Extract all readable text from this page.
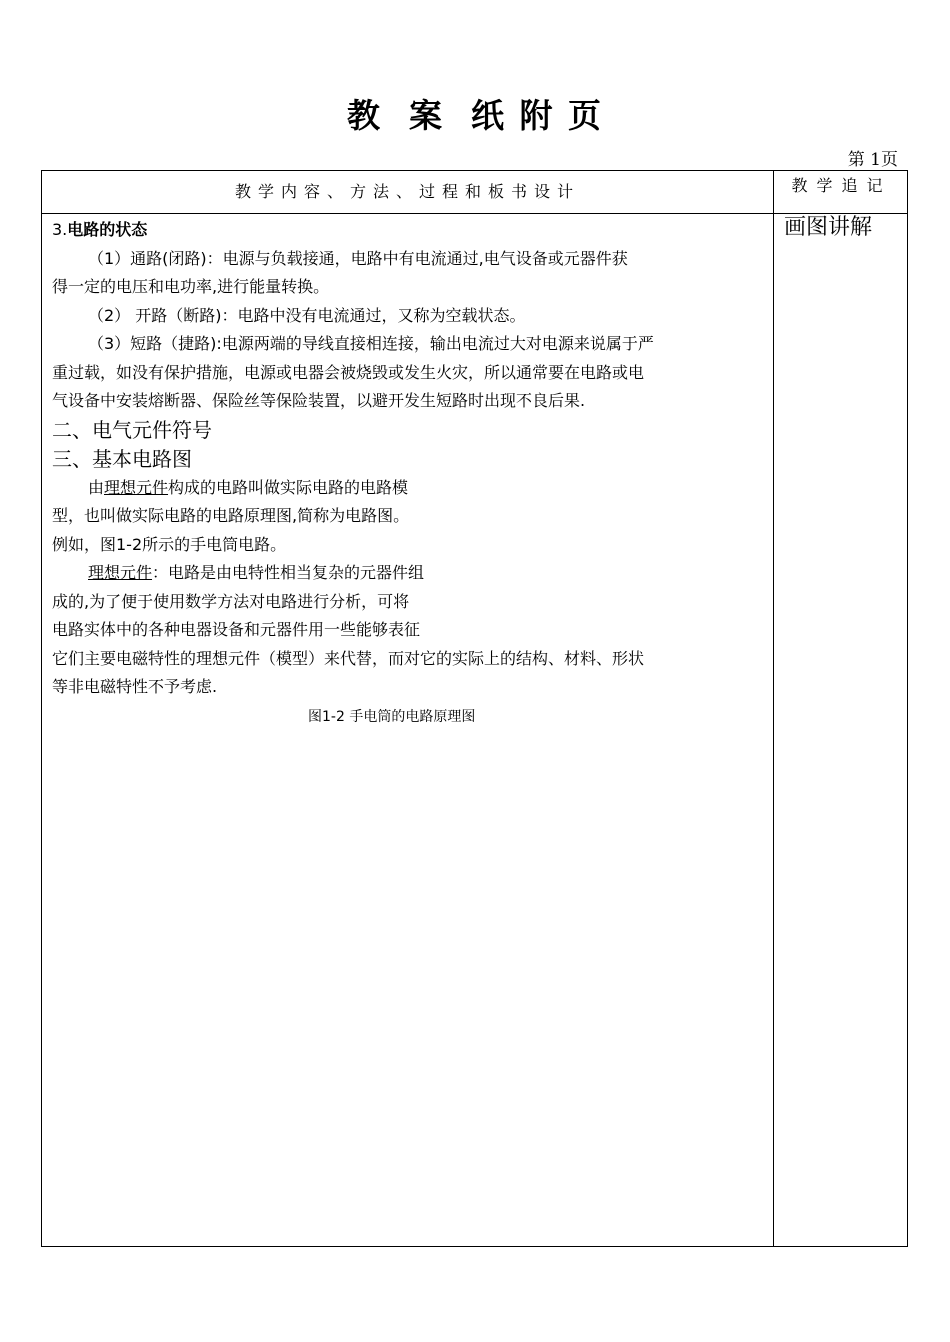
教  案  纸 附 页
第 1页
教学内容、方法、过程和板书设计	教学追记

3.电路的状态

（1）通路(闭路)：电源与负载接通，电路中有电流通过,电气设备或元器件获

得一定的电压和电功率,进行能量转换。

（2） 开路（断路)：电路中没有电流通过，又称为空载状态。

（3）短路（捷路):电源两端的导线直接相连接，输出电流过大对电源来说属于严

重过载，如没有保护措施，电源或电器会被烧毁或发生火灾，所以通常要在电路或电

气设备中安装熔断器、保险丝等保险装置，以避开发生短路时出现不良后果.

二、电气元件符号

三、基本电路图

由理想元件构成的电路叫做实际电路的电路模

型，也叫做实际电路的电路原理图,简称为电路图。

例如，图1-2所示的手电筒电路。

理想元件：电路是由电特性相当复杂的元器件组

成的,为了便于使用数学方法对电路进行分析，可将

电路实体中的各种电器设备和元器件用一些能够表征

它们主要电磁特性的理想元件（模型）来代替，而对它的实际上的结构、材料、形状

等非电磁特性不予考虑.

图1-2 手电筒的电路原理图

画图讲解
